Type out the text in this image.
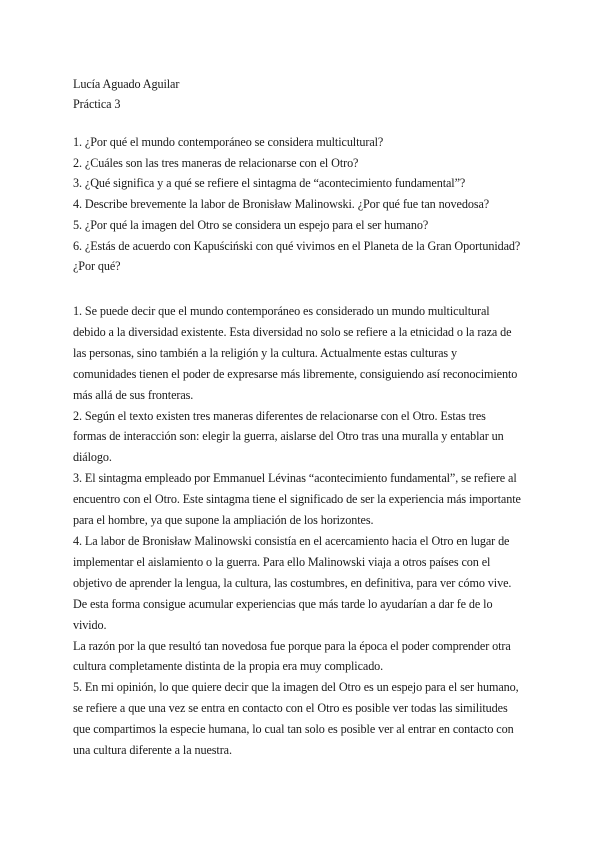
Lucía Aguado Aguilar
Práctica 3
1. ¿Por qué el mundo contemporáneo se considera multicultural?
2. ¿Cuáles son las tres maneras de relacionarse con el Otro?
3. ¿Qué significa y a qué se refiere el sintagma de “acontecimiento fundamental”?
4. Describe brevemente la labor de Bronisław Malinowski. ¿Por qué fue tan novedosa?
5. ¿Por qué la imagen del Otro se considera un espejo para el ser humano?
6. ¿Estás de acuerdo con Kapuściński con qué vivimos en el Planeta de la Gran Oportunidad?
¿Por qué?
1. Se puede decir que el mundo contemporáneo es considerado un mundo multicultural
debido a la diversidad existente. Esta diversidad no solo se refiere a la etnicidad o la raza de
las personas, sino también a la religión y la cultura. Actualmente estas culturas y
comunidades tienen el poder de expresarse más libremente, consiguiendo así reconocimiento
más allá de sus fronteras.
2. Según el texto existen tres maneras diferentes de relacionarse con el Otro. Estas tres
formas de interacción son: elegir la guerra, aislarse del Otro tras una muralla y entablar un
diálogo.
3. El sintagma empleado por Emmanuel Lévinas “acontecimiento fundamental”, se refiere al
encuentro con el Otro. Este sintagma tiene el significado de ser la experiencia más importante
para el hombre, ya que supone la ampliación de los horizontes.
4. La labor de Bronisław Malinowski consistía en el acercamiento hacia el Otro en lugar de
implementar el aislamiento o la guerra. Para ello Malinowski viaja a otros países con el
objetivo de aprender la lengua, la cultura, las costumbres, en definitiva, para ver cómo vive.
De esta forma consigue acumular experiencias que más tarde lo ayudarían a dar fe de lo
vivido.
La razón por la que resultó tan novedosa fue porque para la época el poder comprender otra
cultura completamente distinta de la propia era muy complicado.
5. En mi opinión, lo que quiere decir que la imagen del Otro es un espejo para el ser humano,
se refiere a que una vez se entra en contacto con el Otro es posible ver todas las similitudes
que compartimos la especie humana, lo cual tan solo es posible ver al entrar en contacto con
una cultura diferente a la nuestra.
